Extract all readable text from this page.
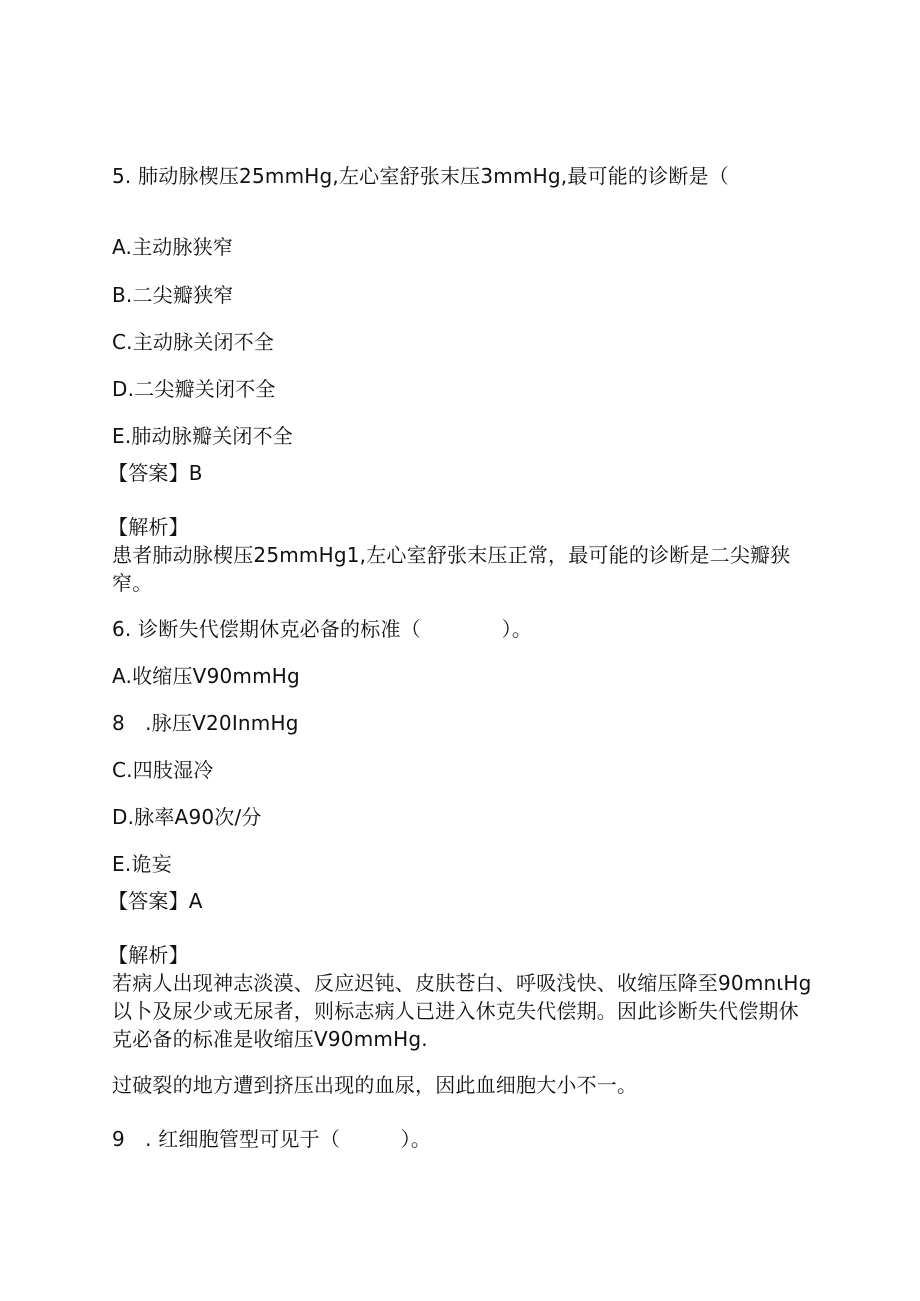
5. 肺动脉楔压25mmHg,左心室舒张末压3mmHg,最可能的诊断是（
A.主动脉狭窄
B.二尖瓣狭窄
C.主动脉关闭不全
D.二尖瓣关闭不全
E.肺动脉瓣关闭不全
【答案】B
【解析】
患者肺动脉楔压25mmHg1,左心室舒张末压正常，最可能的诊断是二尖瓣狭窄。
6. 诊断失代偿期休克必备的标准（　　　　）。
A.收缩压V90mmHg
8　.脉压V20InmHg
C.四肢湿冷
D.脉率A90次/分
E.诡妄
【答案】A
【解析】
若病人出现神志淡漠、反应迟钝、皮肤苍白、呼吸浅快、收缩压降至90mnιHg以卜及尿少或无尿者，则标志病人已进入休克失代偿期。因此诊断失代偿期休克必备的标准是收缩压V90mmHg.
过破裂的地方遭到挤压出现的血尿，因此血细胞大小不一。
9　. 红细胞管型可见于（　　　）。
